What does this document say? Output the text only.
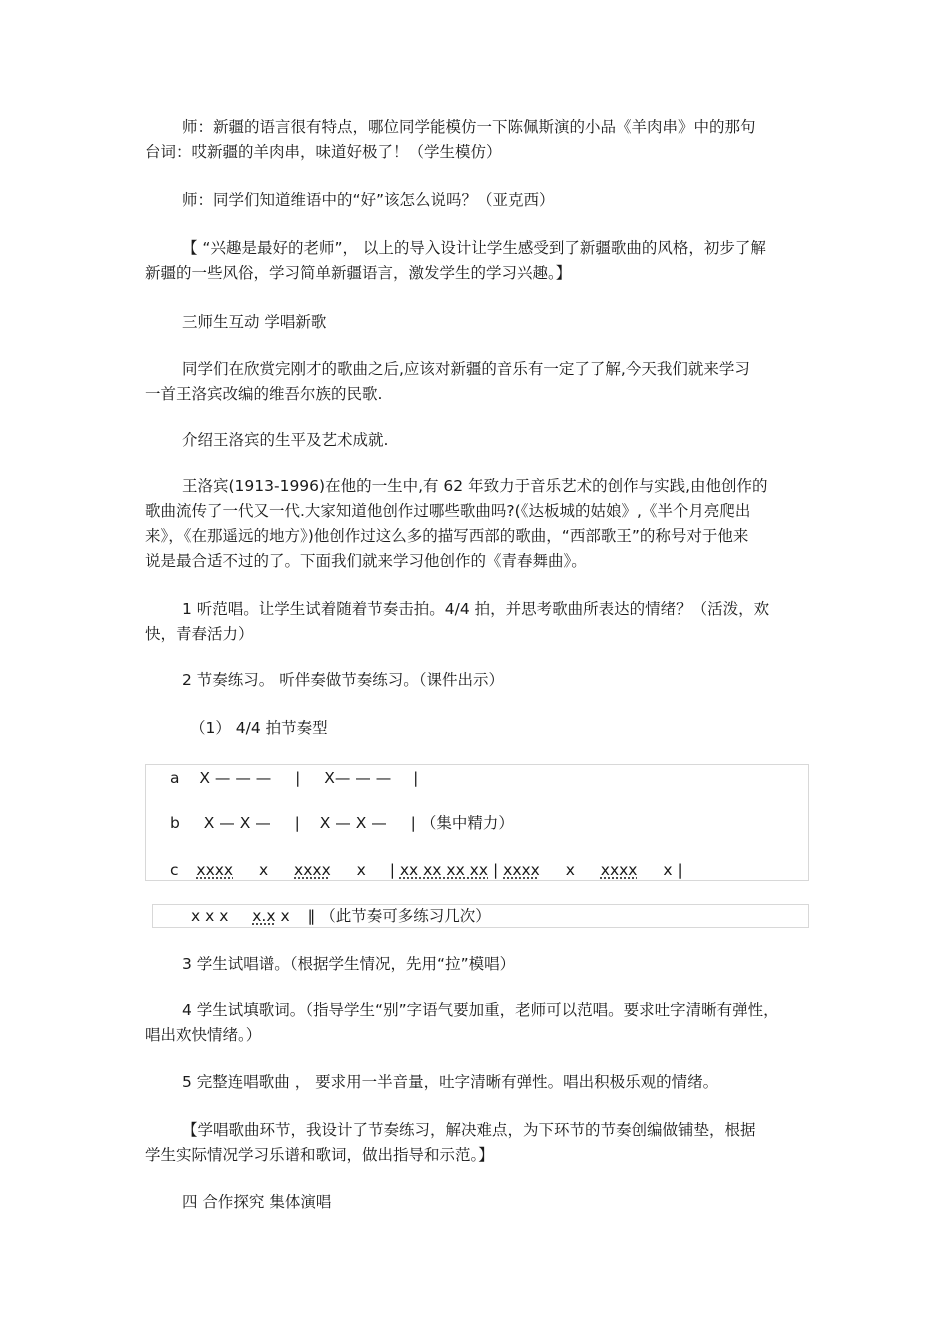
师：新疆的语言很有特点，哪位同学能模仿一下陈佩斯演的小品《羊肉串》中的那句
台词：哎新疆的羊肉串，味道好极了！（学生模仿）
师：同学们知道维语中的“好”该怎么说吗？（亚克西）
【 “兴趣是最好的老师”， 以上的导入设计让学生感受到了新疆歌曲的风格，初步了解
新疆的一些风俗，学习简单新疆语言，激发学生的学习兴趣。】
三师生互动 学唱新歌
同学们在欣赏完刚才的歌曲之后,应该对新疆的音乐有一定了了解,今天我们就来学习
一首王洛宾改编的维吾尔族的民歌.
介绍王洛宾的生平及艺术成就.
王洛宾(1913-1996)在他的一生中,有 62 年致力于音乐艺术的创作与实践,由他创作的
歌曲流传了一代又一代.大家知道他创作过哪些歌曲吗?(《达板城的姑娘》,《半个月亮爬出
来》，《在那遥远的地方》)他创作过这么多的描写西部的歌曲，“西部歌王”的称号对于他来
说是最合适不过的了。下面我们就来学习他创作的《青春舞曲》。
1 听范唱。让学生试着随着节奏击拍。4/4 拍，并思考歌曲所表达的情绪？（活泼，欢
快，青春活力）
2 节奏练习。 听伴奏做节奏练习。（课件出示）
（1） 4/4 拍节奏型
a X — — — | X— — — |
b X — X — | X — X — | （集中精力）
c xxxx x xxxx x | xx xx xx xx | xxxx x xxxx x |
x x x x.x x ‖ （此节奏可多练习几次）
3 学生试唱谱。（根据学生情况，先用“拉”模唱）
4 学生试填歌词。（指导学生“别”字语气要加重，老师可以范唱。要求吐字清晰有弹性，
唱出欢快情绪。）
5 完整连唱歌曲 ， 要求用一半音量，吐字清晰有弹性。唱出积极乐观的情绪。
【学唱歌曲环节，我设计了节奏练习，解决难点，为下环节的节奏创编做铺垫，根据
学生实际情况学习乐谱和歌词，做出指导和示范。】
四 合作探究 集体演唱
